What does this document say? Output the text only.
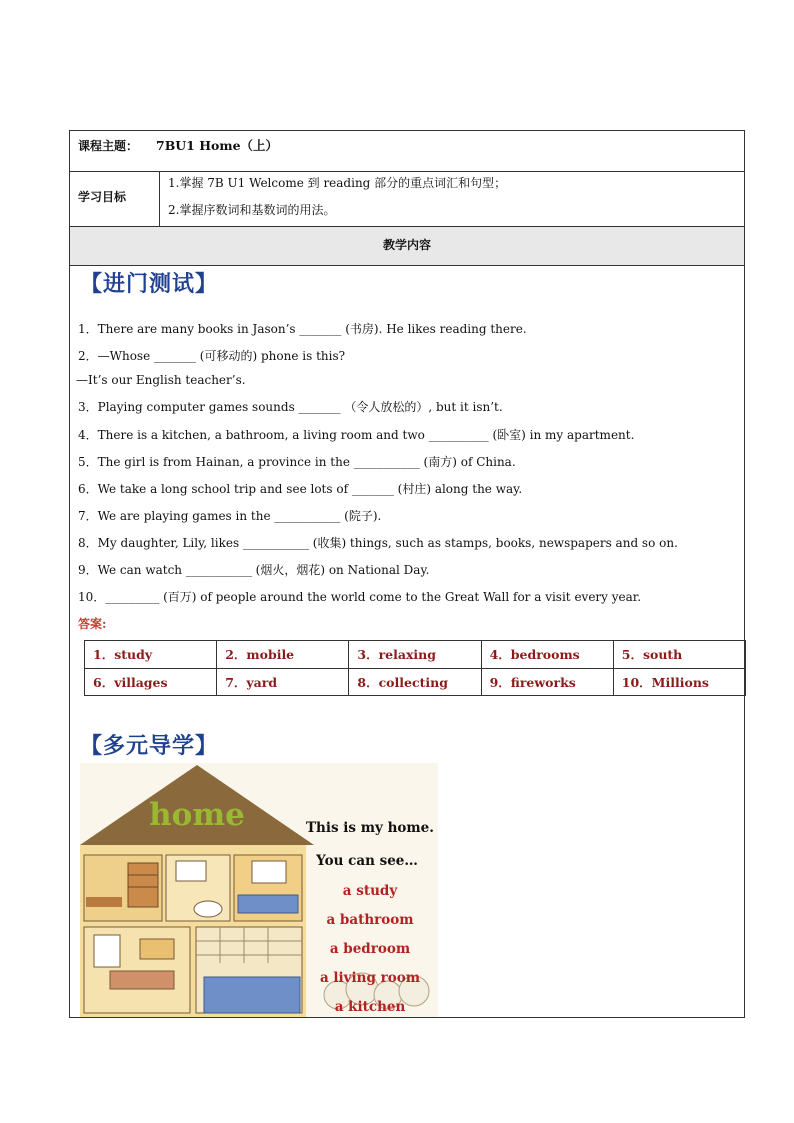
课程主题： 7BU1 Home（上）
学习目标
1.掌握 7B U1 Welcome 到 reading 部分的重点词汇和句型；
2.掌握序数词和基数词的用法。
教学内容
【进门测试】
1．There are many books in Jason’s _______ (书房). He likes reading there.
2．—Whose _______ (可移动的) phone is this?
—It’s our English teacher’s.
3．Playing computer games sounds _______ （令人放松的）, but it isn’t.
4．There is a kitchen, a bathroom, a living room and two __________ (卧室) in my apartment.
5．The girl is from Hainan, a province in the ___________ (南方) of China.
6．We take a long school trip and see lots of _______ (村庄) along the way.
7．We are playing games in the ___________ (院子).
8．My daughter, Lily, likes ___________ (收集) things, such as stamps, books, newspapers and so on.
9．We can watch ___________ (烟火，烟花) on National Day.
10．_________ (百万) of people around the world come to the Great Wall for a visit every year.
答案:
1．study	2．mobile	3．relaxing	4．bedrooms	5．south
6．villages	7．yard	8．collecting	9．fireworks	10．Millions
【多元导学】
home	This is my home.
You can see…
a study
a bathroom
a bedroom
a living room
a kitchen
